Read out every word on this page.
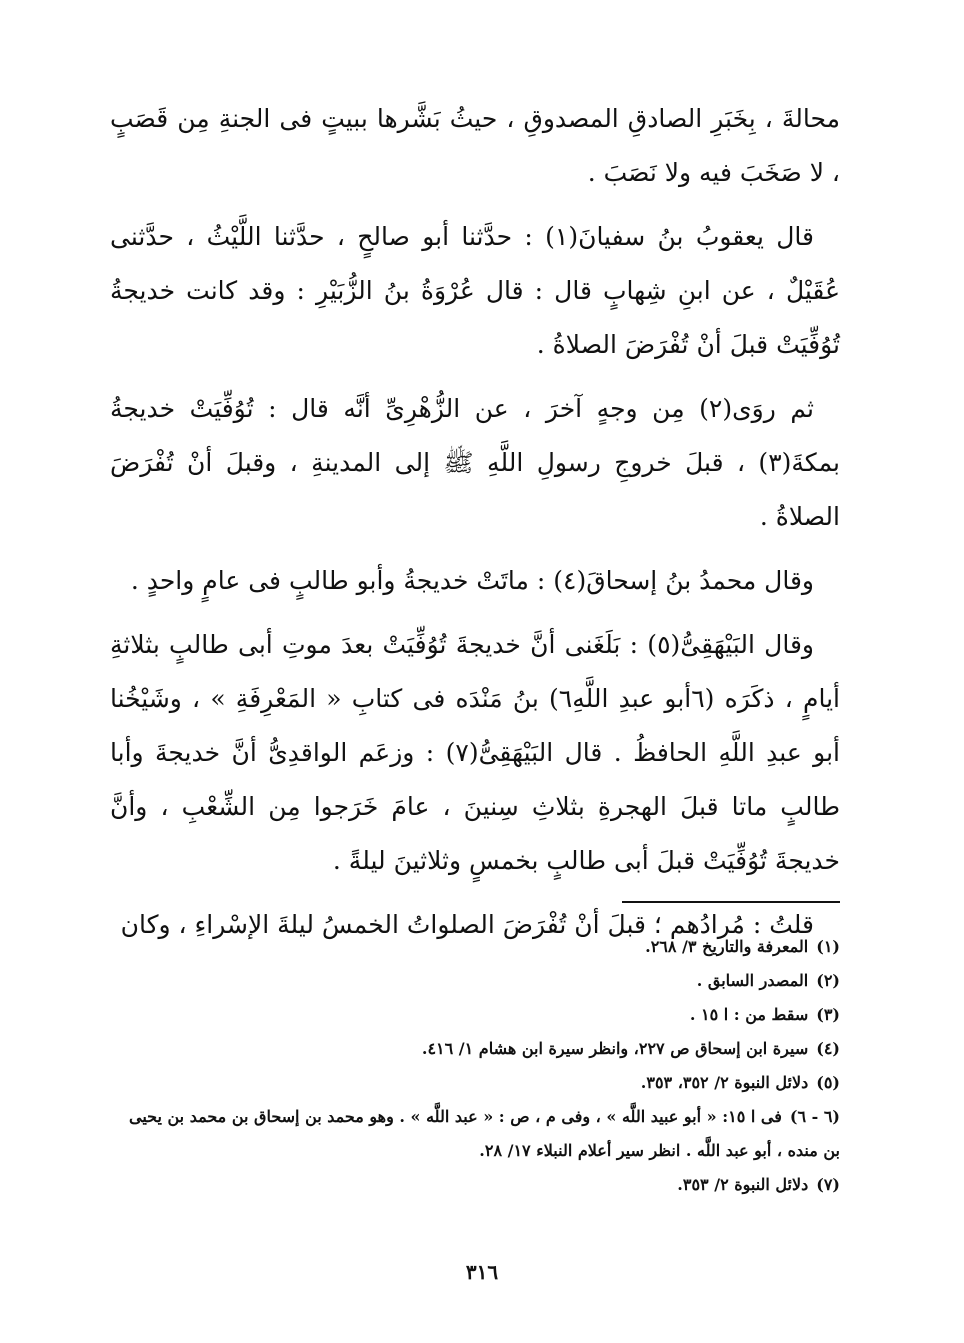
محالةَ ، بِخَبَرِ الصادقِ المصدوقِ ، حيثُ بَشَّرها ببيتٍ فى الجنةِ مِن قَصَبٍ ، لا صَخَبَ فيه ولا نَصَبَ .

قال يعقوبُ بنُ سفيانَ(١) : حدَّثنا أبو صالحٍ ، حدَّثنا اللَّيْثُ ، حدَّثنى عُقَيْلٌ ، عن ابنِ شِهابٍ قال : قال عُرْوَةُ بنُ الزُّبَيْرِ : وقد كانت خديجةُ تُوُفِّيَتْ قبلَ أنْ تُفْرَضَ الصلاةُ .

ثم روَى(٢) مِن وجهٍ آخرَ ، عن الزُّهْرِىِّ أنَّه قال : تُوُفِّيَتْ خديجةُ بمكةَ(٣) ، قبلَ خروجِ رسولِ اللَّهِ ﷺ إلى المدينةِ ، وقبلَ أنْ تُفْرَضَ الصلاةُ .

وقال محمدُ بنُ إسحاقَ(٤) : ماتَتْ خديجةُ وأبو طالبٍ فى عامٍ واحدٍ .

وقال البَيْهَقِىُّ(٥) : بَلَغَنى أنَّ خديجةَ تُوُفِّيَتْ بعدَ موتِ أبى طالبٍ بثلاثةِ أيامٍ ، ذكَرَه (٦أبو عبدِ اللَّهِ٦) بنُ مَنْدَه فى كتابِ « المَعْرِفَةِ » ، وشَيْخُنا أبو عبدِ اللَّهِ الحافظُ . قال البَيْهَقِىُّ(٧) : وزعَم الواقدِىُّ أنَّ خديجةَ وأبا طالبٍ ماتا قبلَ الهجرةِ بثلاثِ سِنينَ ، عامَ خَرَجوا مِن الشِّعْبِ ، وأنَّ خديجةَ تُوُفِّيَتْ قبلَ أبى طالبٍ بخمسٍ وثلاثينَ ليلةً .

قلتُ : مُرادُهم ؛ قبلَ أنْ تُفْرَضَ الصلواتُ الخمسُ ليلةَ الإسْراءِ ، وكان

(١)المعرفة والتاريخ ٣/ ٢٦٨.

(٢)المصدر السابق .

(٣)سقط من : ا ١٥ .

(٤)سيرة ابن إسحاق ص ٢٢٧، وانظر سيرة ابن هشام ١/ ٤١٦.

(٥)دلائل النبوة ٢/ ٣٥٢، ٣٥٣.

(٦ - ٦)فى ا ١٥: « أبو عبيد اللَّه » ، وفى م ، ص : « عبد اللَّه » . وهو محمد بن إسحاق بن محمد بن يحيى بن منده ، أبو عبد اللَّه . انظر سير أعلام النبلاء ١٧/ ٢٨.

(٧)دلائل النبوة ٢/ ٣٥٣.

٣١٦
